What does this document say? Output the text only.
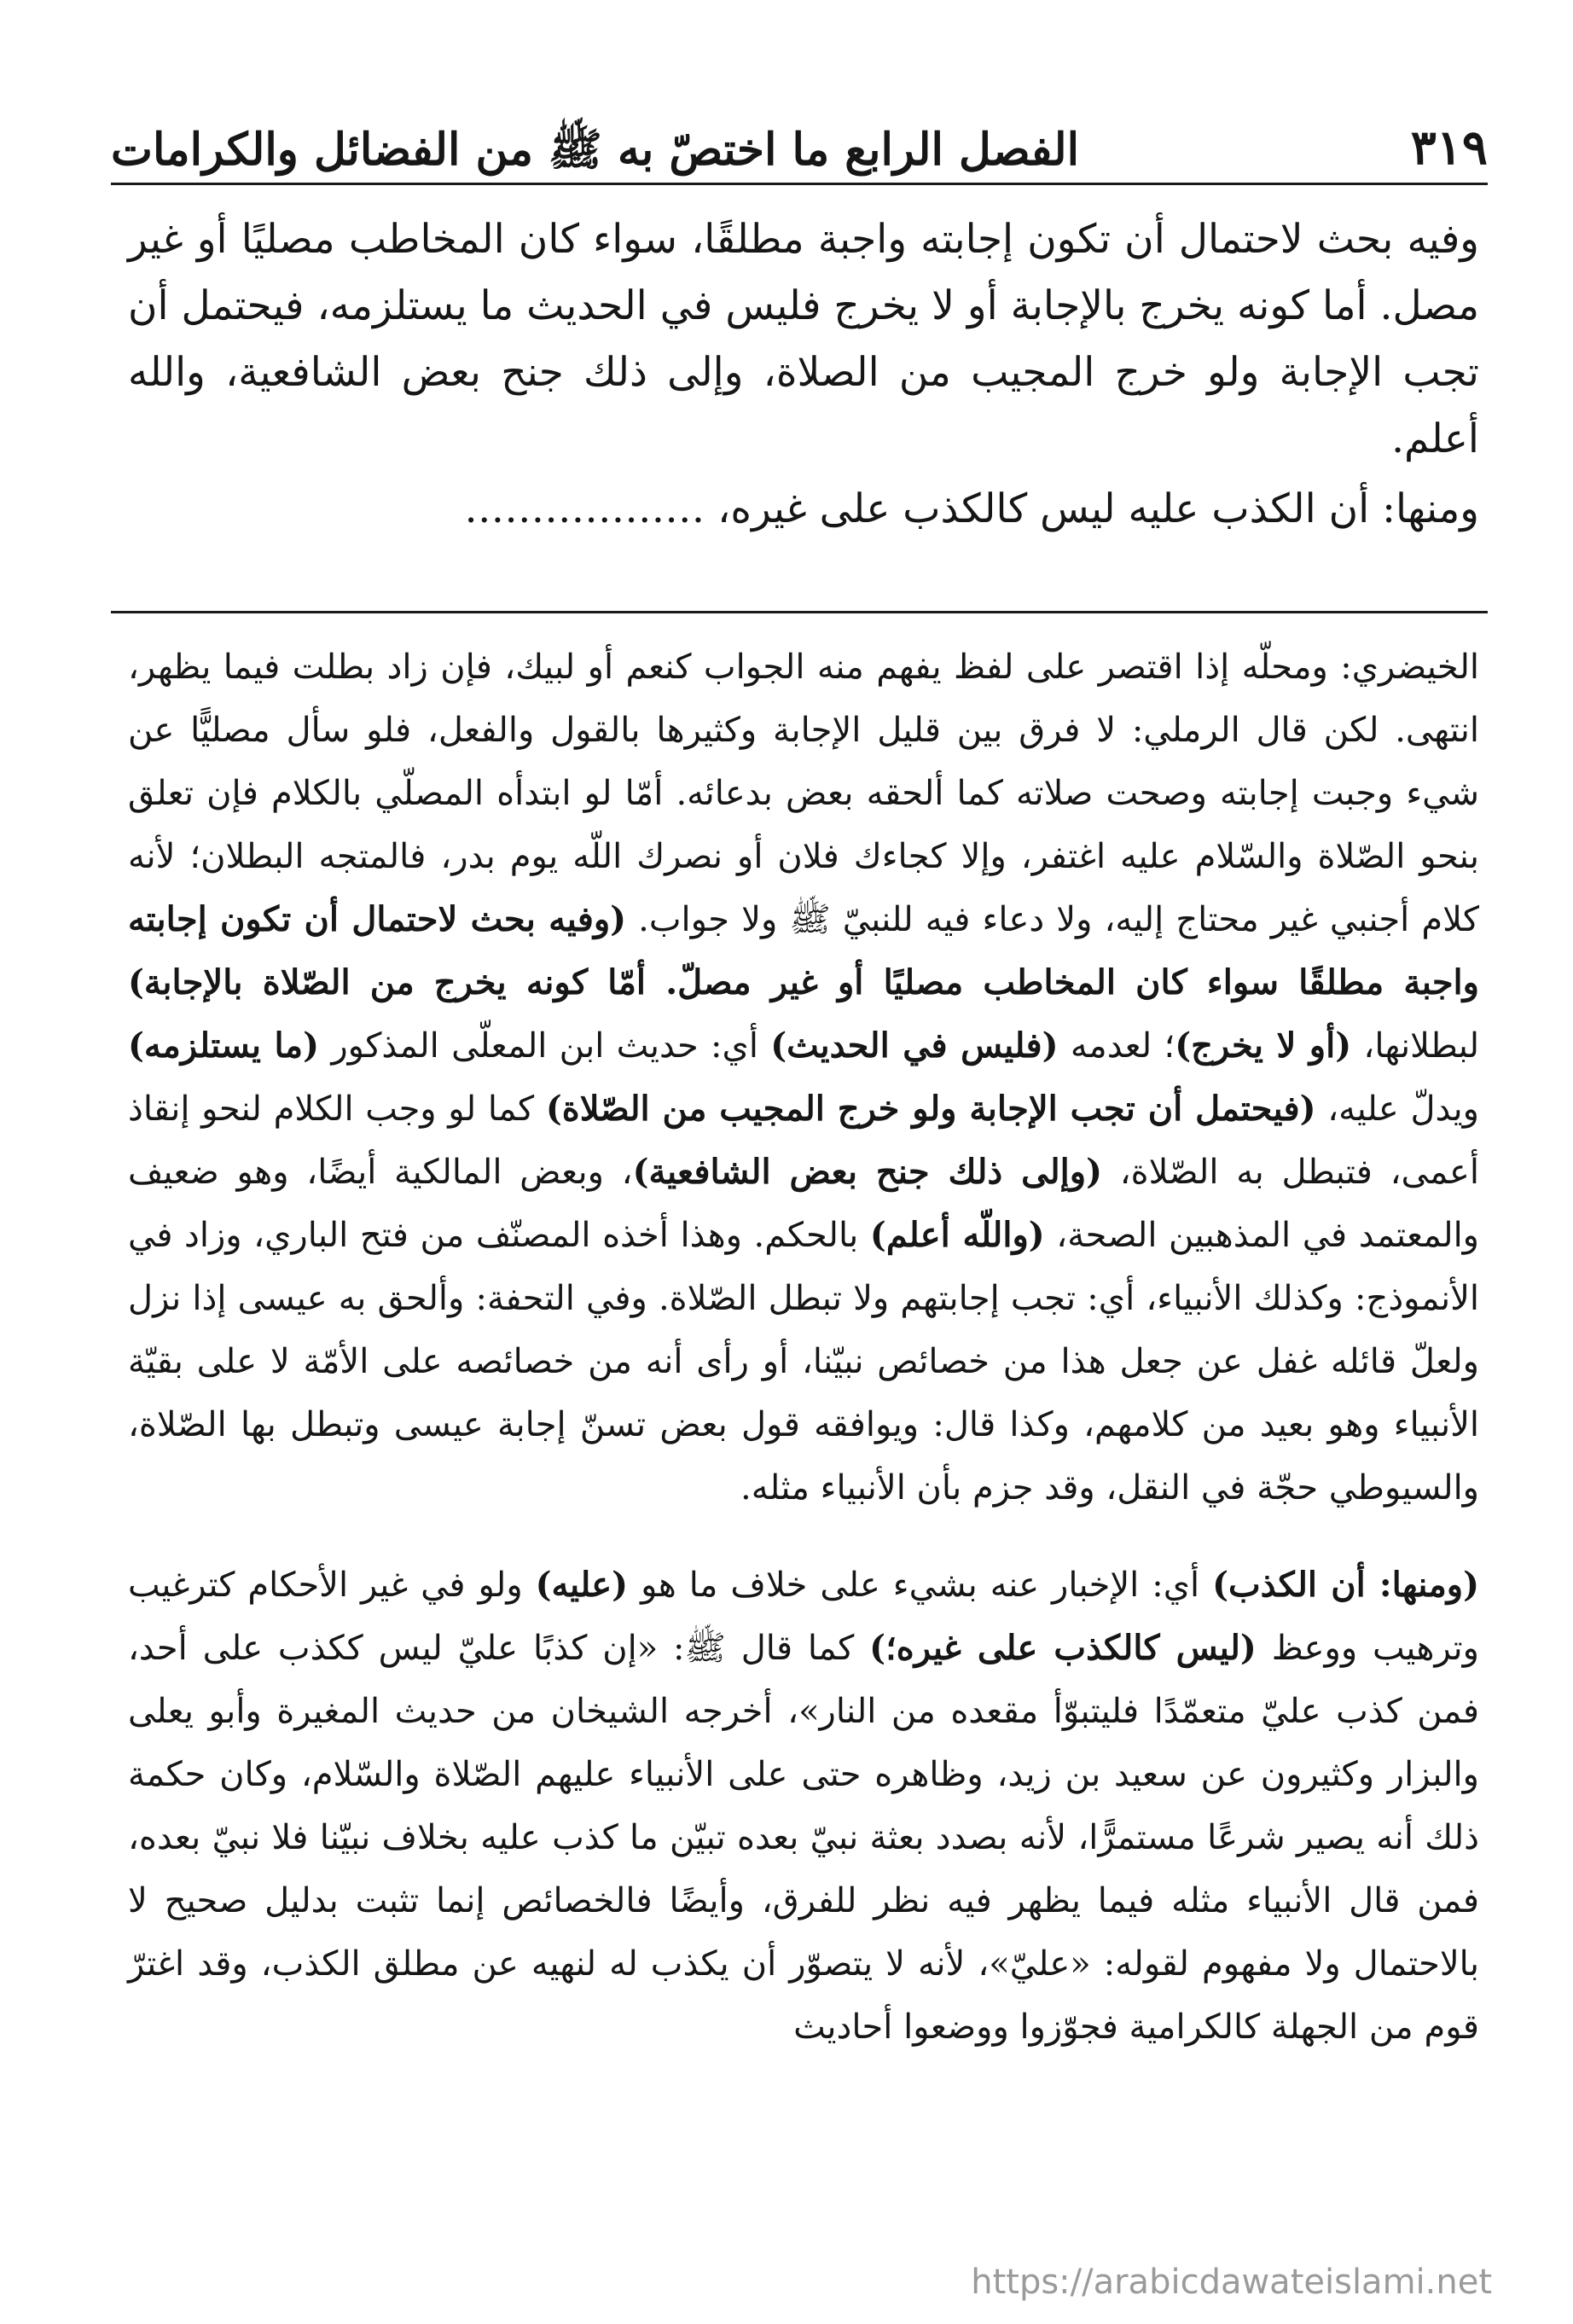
الفصل الرابع ما اختصّ به ﷺ من الفضائل والكرامات	٣١٩

وفيه بحث لاحتمال أن تكون إجابته واجبة مطلقًا، سواء كان المخاطب مصليًا أو غير مصل. أما كونه يخرج بالإجابة أو لا يخرج فليس في الحديث ما يستلزمه، فيحتمل أن تجب الإجابة ولو خرج المجيب من الصلاة، وإلى ذلك جنح بعض الشافعية، والله أعلم.

ومنها: أن الكذب عليه ليس كالكذب على غيره، ………………

الخيضري: ومحلّه إذا اقتصر على لفظ يفهم منه الجواب كنعم أو لبيك، فإن زاد بطلت فيما يظهر، انتهى. لكن قال الرملي: لا فرق بين قليل الإجابة وكثيرها بالقول والفعل، فلو سأل مصليًّا عن شيء وجبت إجابته وصحت صلاته كما ألحقه بعض بدعائه. أمّا لو ابتدأه المصلّي بالكلام فإن تعلق بنحو الصّلاة والسّلام عليه اغتفر، وإلا كجاءك فلان أو نصرك اللّه يوم بدر، فالمتجه البطلان؛ لأنه كلام أجنبي غير محتاج إليه، ولا دعاء فيه للنبيّ ﷺ ولا جواب. (وفيه بحث لاحتمال أن تكون إجابته واجبة مطلقًا سواء كان المخاطب مصليًا أو غير مصلّ. أمّا كونه يخرج من الصّلاة بالإجابة) لبطلانها، (أو لا يخرج)؛ لعدمه (فليس في الحديث) أي: حديث ابن المعلّى المذكور (ما يستلزمه) ويدلّ عليه، (فيحتمل أن تجب الإجابة ولو خرج المجيب من الصّلاة) كما لو وجب الكلام لنحو إنقاذ أعمى، فتبطل به الصّلاة، (وإلى ذلك جنح بعض الشافعية)، وبعض المالكية أيضًا، وهو ضعيف والمعتمد في المذهبين الصحة، (واللّه أعلم) بالحكم. وهذا أخذه المصنّف من فتح الباري، وزاد في الأنموذج: وكذلك الأنبياء، أي: تجب إجابتهم ولا تبطل الصّلاة. وفي التحفة: وألحق به عيسى إذا نزل ولعلّ قائله غفل عن جعل هذا من خصائص نبيّنا، أو رأى أنه من خصائصه على الأمّة لا على بقيّة الأنبياء وهو بعيد من كلامهم، وكذا قال: ويوافقه قول بعض تسنّ إجابة عيسى وتبطل بها الصّلاة، والسيوطي حجّة في النقل، وقد جزم بأن الأنبياء مثله.

(ومنها: أن الكذب) أي: الإخبار عنه بشيء على خلاف ما هو (عليه) ولو في غير الأحكام كترغيب وترهيب ووعظ (ليس كالكذب على غيره؛) كما قال ﷺ: «إن كذبًا عليّ ليس ككذب على أحد، فمن كذب عليّ متعمّدًا فليتبوّأ مقعده من النار»، أخرجه الشيخان من حديث المغيرة وأبو يعلى والبزار وكثيرون عن سعيد بن زيد، وظاهره حتى على الأنبياء عليهم الصّلاة والسّلام، وكان حكمة ذلك أنه يصير شرعًا مستمرًّا، لأنه بصدد بعثة نبيّ بعده تبيّن ما كذب عليه بخلاف نبيّنا فلا نبيّ بعده، فمن قال الأنبياء مثله فيما يظهر فيه نظر للفرق، وأيضًا فالخصائص إنما تثبت بدليل صحيح لا بالاحتمال ولا مفهوم لقوله: «عليّ»، لأنه لا يتصوّر أن يكذب له لنهيه عن مطلق الكذب، وقد اغترّ قوم من الجهلة كالكرامية فجوّزوا ووضعوا أحاديث

https://arabicdawateislami.net
